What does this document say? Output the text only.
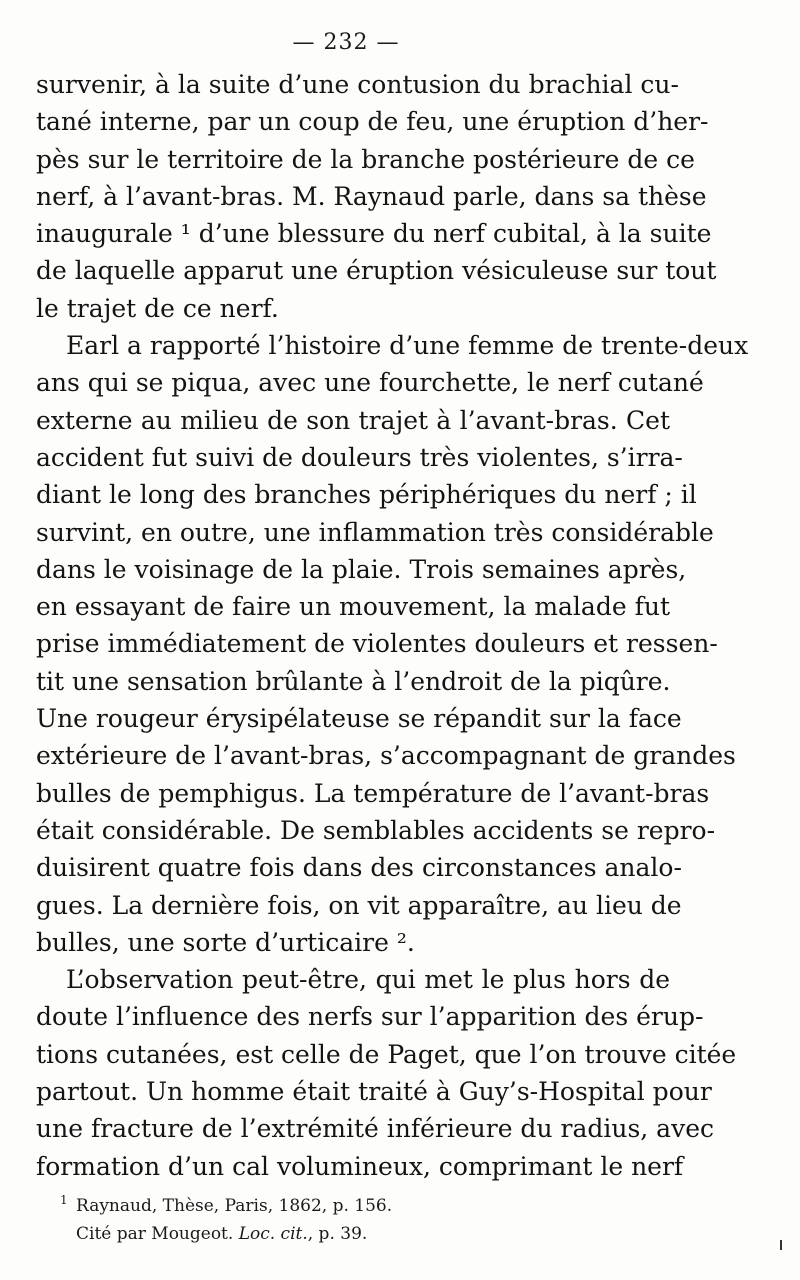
— 232 —
survenir, à la suite d’une contusion du brachial cu-
tané interne, par un coup de feu, une éruption d’her-
pès sur le territoire de la branche postérieure de ce
nerf, à l’avant-bras. M. Raynaud parle, dans sa thèse
inaugurale ¹ d’une blessure du nerf cubital, à la suite
de laquelle apparut une éruption vésiculeuse sur tout
le trajet de ce nerf.
Earl a rapporté l’histoire d’une femme de trente-deux
ans qui se piqua, avec une fourchette, le nerf cutané
externe au milieu de son trajet à l’avant-bras. Cet
accident fut suivi de douleurs très violentes, s’irra-
diant le long des branches périphériques du nerf ; il
survint, en outre, une inflammation très considérable
dans le voisinage de la plaie. Trois semaines après,
en essayant de faire un mouvement, la malade fut
prise immédiatement de violentes douleurs et ressen-
tit une sensation brûlante à l’endroit de la piqûre.
Une rougeur érysipélateuse se répandit sur la face
extérieure de l’avant-bras, s’accompagnant de grandes
bulles de pemphigus. La température de l’avant-bras
était considérable. De semblables accidents se repro-
duisirent quatre fois dans des circonstances analo-
gues. La dernière fois, on vit apparaître, au lieu de
bulles, une sorte d’urticaire ².
L’observation peut-être, qui met le plus hors de
doute l’influence des nerfs sur l’apparition des érup-
tions cutanées, est celle de Paget, que l’on trouve citée
partout. Un homme était traité à Guy’s-Hospital pour
une fracture de l’extrémité inférieure du radius, avec
formation d’un cal volumineux, comprimant le nerf
1 Raynaud, Thèse, Paris, 1862, p. 156.
Cité par Mougeot. Loc. cit., p. 39.
